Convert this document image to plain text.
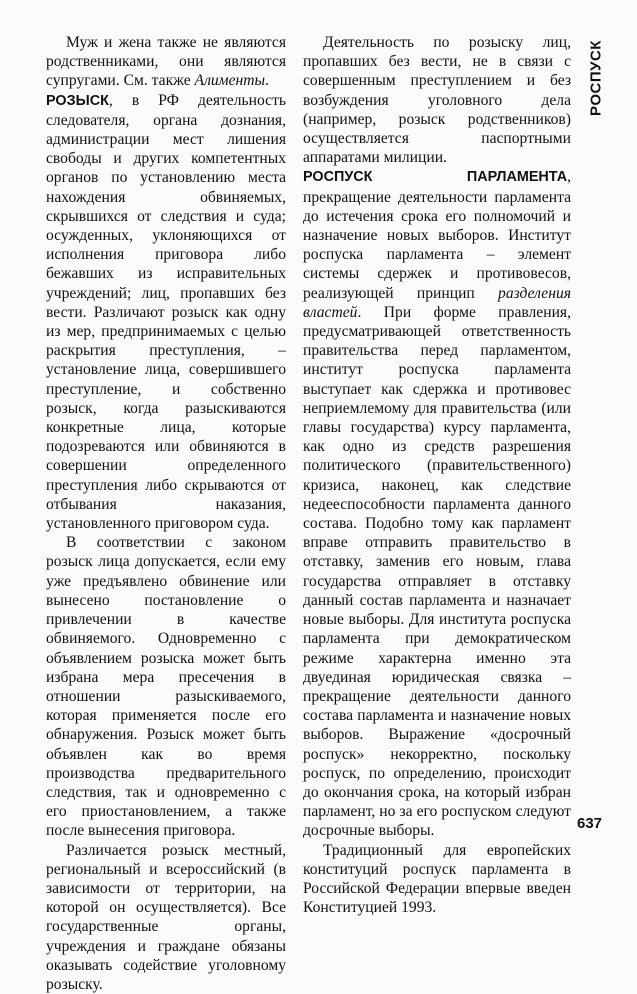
РОСПУСК

Муж и жена также не являются родственниками, они являются супругами. См. также Алименты.

РОЗЫСК, в РФ деятельность следователя, органа дознания, администрации мест лишения свободы и других компетентных органов по установлению места нахождения обвиняемых, скрывшихся от следствия и суда; осужденных, уклоняющихся от исполнения приговора либо бежавших из исправительных учреждений; лиц, пропавших без вести. Различают розыск как одну из мер, предпринимаемых с целью раскрытия преступления, – установление лица, совершившего преступление, и собственно розыск, когда разыскиваются конкретные лица, которые подозреваются или обвиняются в совершении определенного преступления либо скрываются от отбывания наказания, установленного приговором суда.

В соответствии с законом розыск лица допускается, если ему уже предъявлено обвинение или вынесено постановление о привлечении в качестве обвиняемого. Одновременно с объявлением розыска может быть избрана мера пресечения в отношении разыскиваемого, которая применяется после его обнаружения. Розыск может быть объявлен как во время производства предварительного следствия, так и одновременно с его приостановлением, а также после вынесения приговора.

Различается розыск местный, региональный и всероссийский (в зависимости от территории, на которой он осуществляется). Все государственные органы, учреждения и граждане обязаны оказывать содействие уголовному розыску.

Деятельность по розыску лиц, пропавших без вести, не в связи с совершенным преступлением и без возбуждения уголовного дела (например, розыск родственников) осуществляется паспортными аппаратами милиции.

РОСПУСК ПАРЛАМЕНТА, прекращение деятельности парламента до истечения срока его полномочий и назначение новых выборов. Институт роспуска парламента – элемент системы сдержек и противовесов, реализующей принцип разделения властей. При форме правления, предусматривающей ответственность правительства перед парламентом, институт роспуска парламента выступает как сдержка и противовес неприемлемому для правительства (или главы государства) курсу парламента, как одно из средств разрешения политического (правительственного) кризиса, наконец, как следствие недееспособности парламента данного состава. Подобно тому как парламент вправе отправить правительство в отставку, заменив его новым, глава государства отправляет в отставку данный состав парламента и назначает новые выборы. Для института роспуска парламента при демократическом режиме характерна именно эта двуединая юридическая связка – прекращение деятельности данного состава парламента и назначение новых выборов. Выражение «досрочный роспуск» некорректно, поскольку роспуск, по определению, происходит до окончания срока, на который избран парламент, но за его роспуском следуют досрочные выборы.

Традиционный для европейских конституций роспуск парламента в Российской Федерации впервые введен Конституцией 1993.

637
